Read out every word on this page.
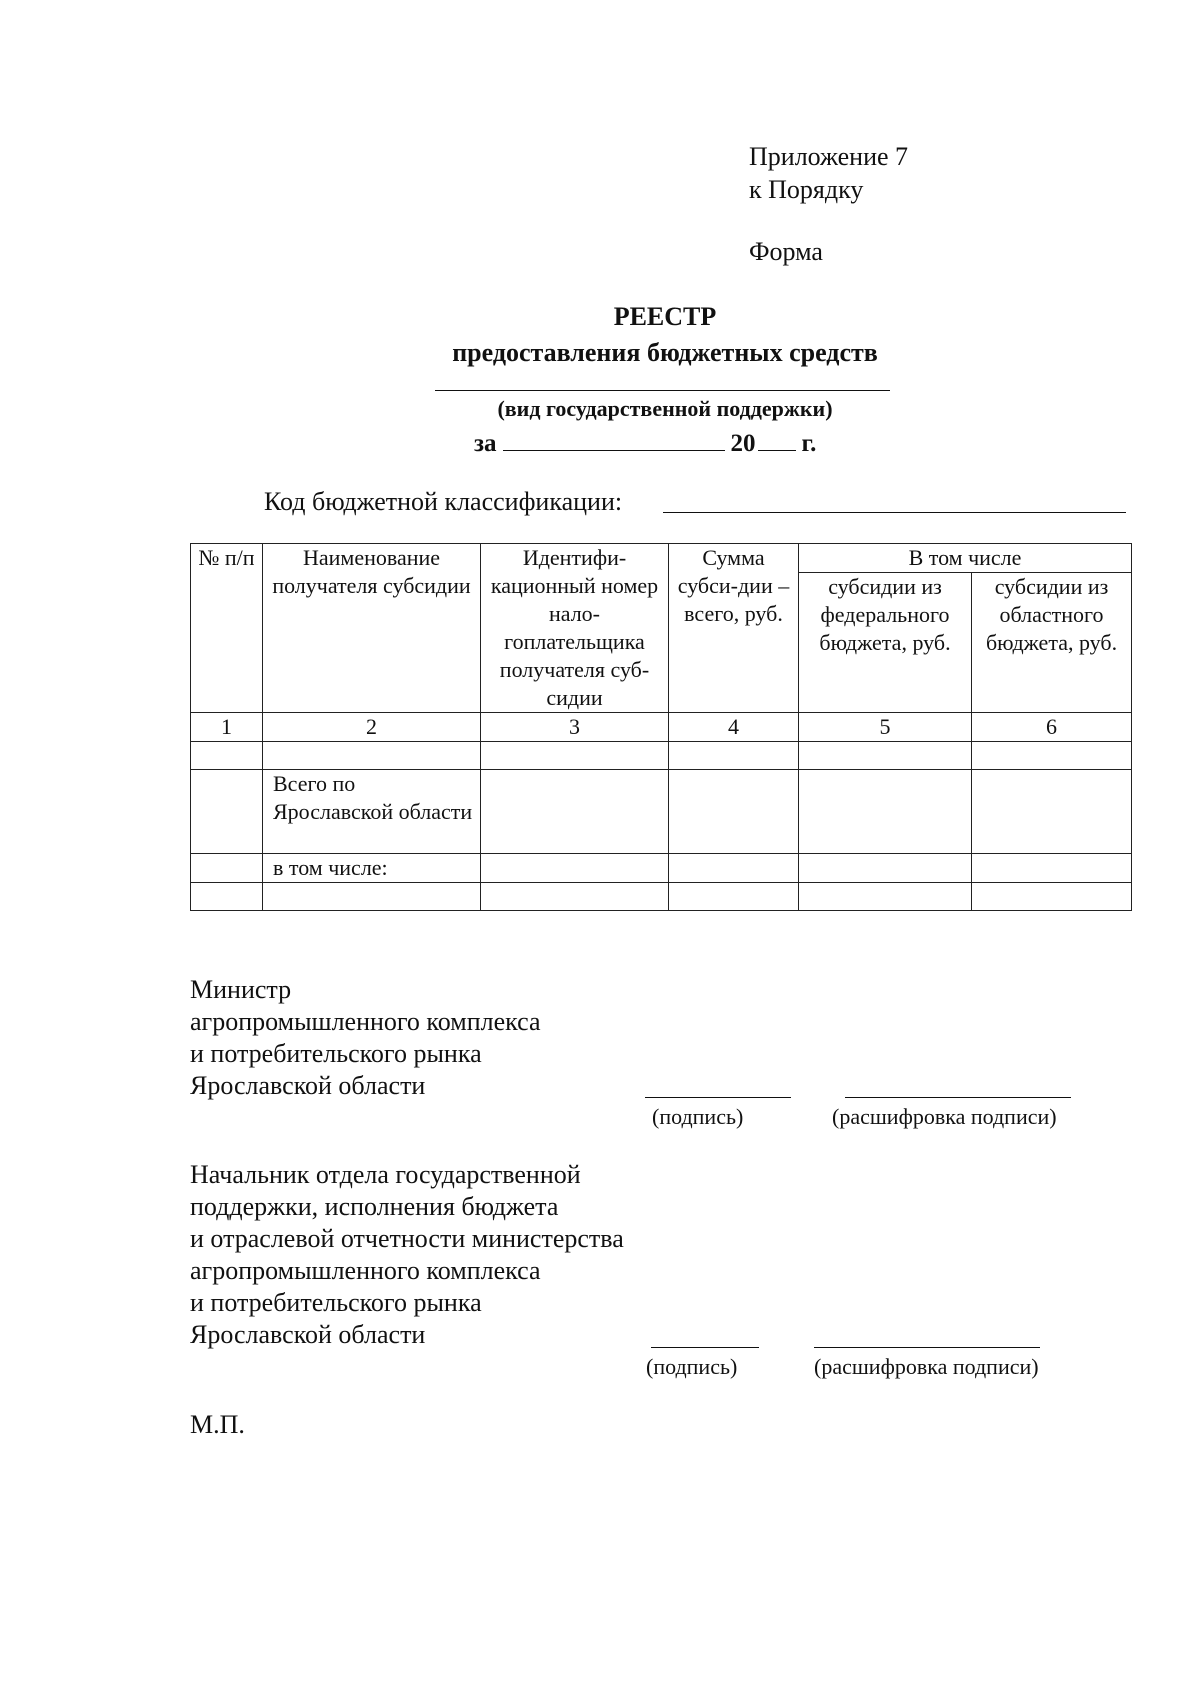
Приложение 7
к Порядку
Форма
РЕЕСТР
предоставления бюджетных средств
(вид государственной поддержки)
за	20 г.
Код бюджетной классификации:
№ п/п	Наименование получателя субсидии	Идентифи-кационный номер нало-гоплательщика получателя суб-сидии	Сумма субси-дии – всего, руб.	В том числе	
				субсидии из федерального бюджета, руб.	субсидии из областного бюджета, руб.
1	2	3	4	5	6

	Всего по Ярославской области				
	в том числе:				

Министр
агропромышленного комплекса
и потребительского рынка
Ярославской области
(подпись)	(расшифровка подписи)
Начальник отдела государственной
поддержки, исполнения бюджета
и отраслевой отчетности министерства
агропромышленного комплекса
и потребительского рынка
Ярославской области
(подпись)	(расшифровка подписи)
М.П.
